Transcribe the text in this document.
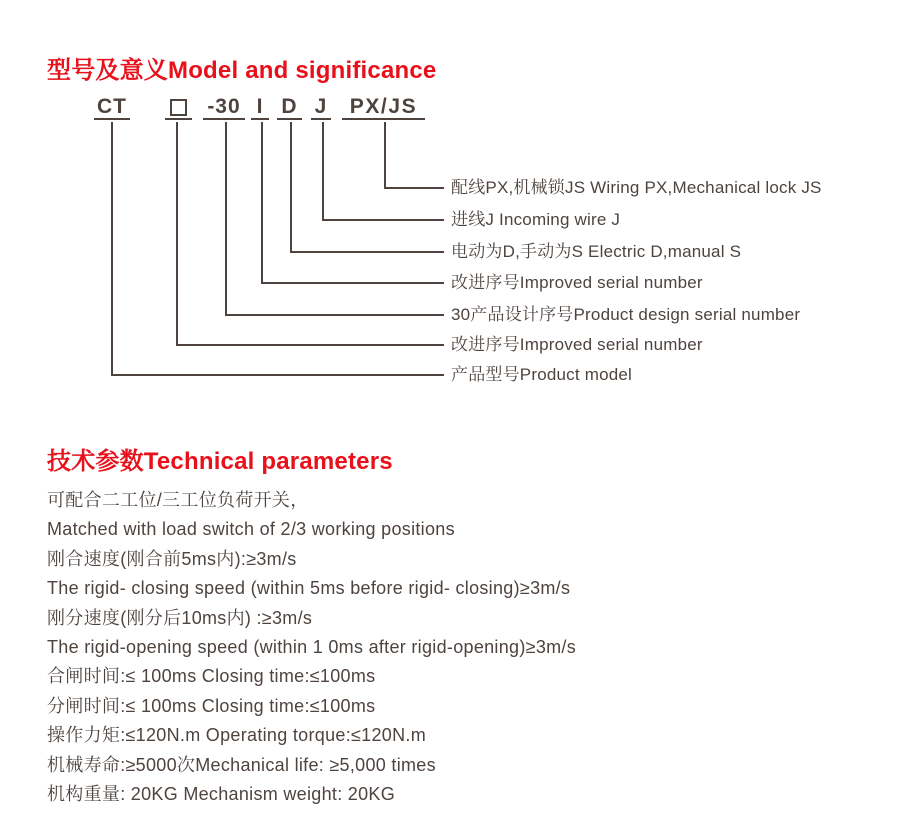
型号及意义Model and significance
CT	-30 I D J	PX/JS
配线PX,机械锁JS Wiring PX,Mechanical lock JS
进线J Incoming wire J
电动为D,手动为S Electric D,manual S
改进序号Improved serial number
30产品设计序号Product design serial number
改进序号Improved serial number
产品型号Product model
技术参数Technical parameters
可配合二工位/三工位负荷开关，
Matched with load switch of 2/3 working positions
刚合速度(刚合前5ms内):≥3m/s
The rigid- closing speed (within 5ms before rigid- closing)≥3m/s
刚分速度(刚分后10ms内) :≥3m/s
The rigid-opening speed (within 1 0ms after rigid-opening)≥3m/s
合闸时间:≤ 100ms Closing time:≤100ms
分闸时间:≤ 100ms Closing time:≤100ms
操作力矩:≤120N.m Operating torque:≤120N.m
机械寿命:≥5000次Mechanical life: ≥5,000 times
机构重量: 20KG Mechanism weight: 20KG
